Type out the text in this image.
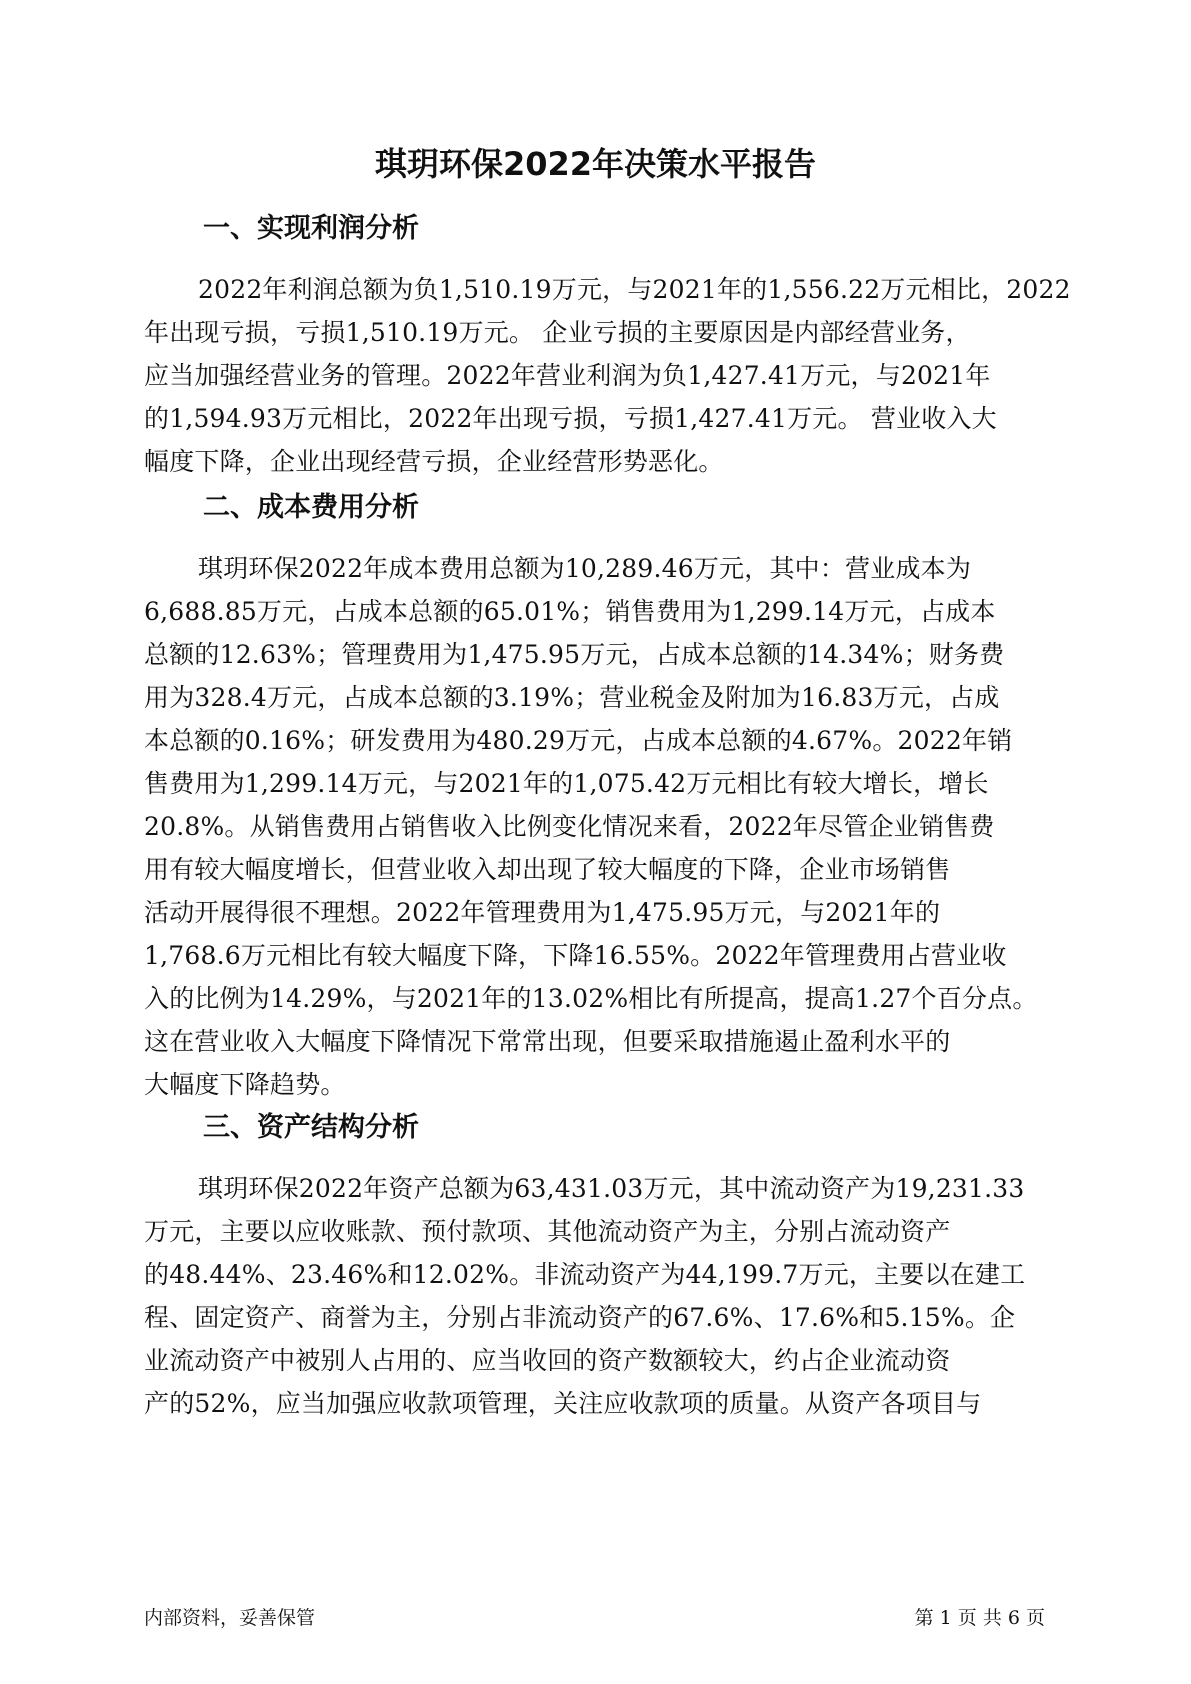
琪玥环保2022年决策水平报告
一、实现利润分析
2022年利润总额为负1,510.19万元，与2021年的1,556.22万元相比，2022
年出现亏损，亏损1,510.19万元。 企业亏损的主要原因是内部经营业务，
应当加强经营业务的管理。2022年营业利润为负1,427.41万元，与2021年
的1,594.93万元相比，2022年出现亏损，亏损1,427.41万元。 营业收入大
幅度下降，企业出现经营亏损，企业经营形势恶化。
二、成本费用分析
琪玥环保2022年成本费用总额为10,289.46万元，其中：营业成本为
6,688.85万元，占成本总额的65.01%；销售费用为1,299.14万元，占成本
总额的12.63%；管理费用为1,475.95万元，占成本总额的14.34%；财务费
用为328.4万元，占成本总额的3.19%；营业税金及附加为16.83万元，占成
本总额的0.16%；研发费用为480.29万元，占成本总额的4.67%。2022年销
售费用为1,299.14万元，与2021年的1,075.42万元相比有较大增长，增长
20.8%。从销售费用占销售收入比例变化情况来看，2022年尽管企业销售费
用有较大幅度增长，但营业收入却出现了较大幅度的下降，企业市场销售
活动开展得很不理想。2022年管理费用为1,475.95万元，与2021年的
1,768.6万元相比有较大幅度下降，下降16.55%。2022年管理费用占营业收
入的比例为14.29%，与2021年的13.02%相比有所提高，提高1.27个百分点。
这在营业收入大幅度下降情况下常常出现，但要采取措施遏止盈利水平的
大幅度下降趋势。
三、资产结构分析
琪玥环保2022年资产总额为63,431.03万元，其中流动资产为19,231.33
万元，主要以应收账款、预付款项、其他流动资产为主，分别占流动资产
的48.44%、23.46%和12.02%。非流动资产为44,199.7万元，主要以在建工
程、固定资产、商誉为主，分别占非流动资产的67.6%、17.6%和5.15%。企
业流动资产中被别人占用的、应当收回的资产数额较大，约占企业流动资
产的52%，应当加强应收款项管理，关注应收款项的质量。从资产各项目与
内部资料，妥善保管	第 1 页 共 6 页
